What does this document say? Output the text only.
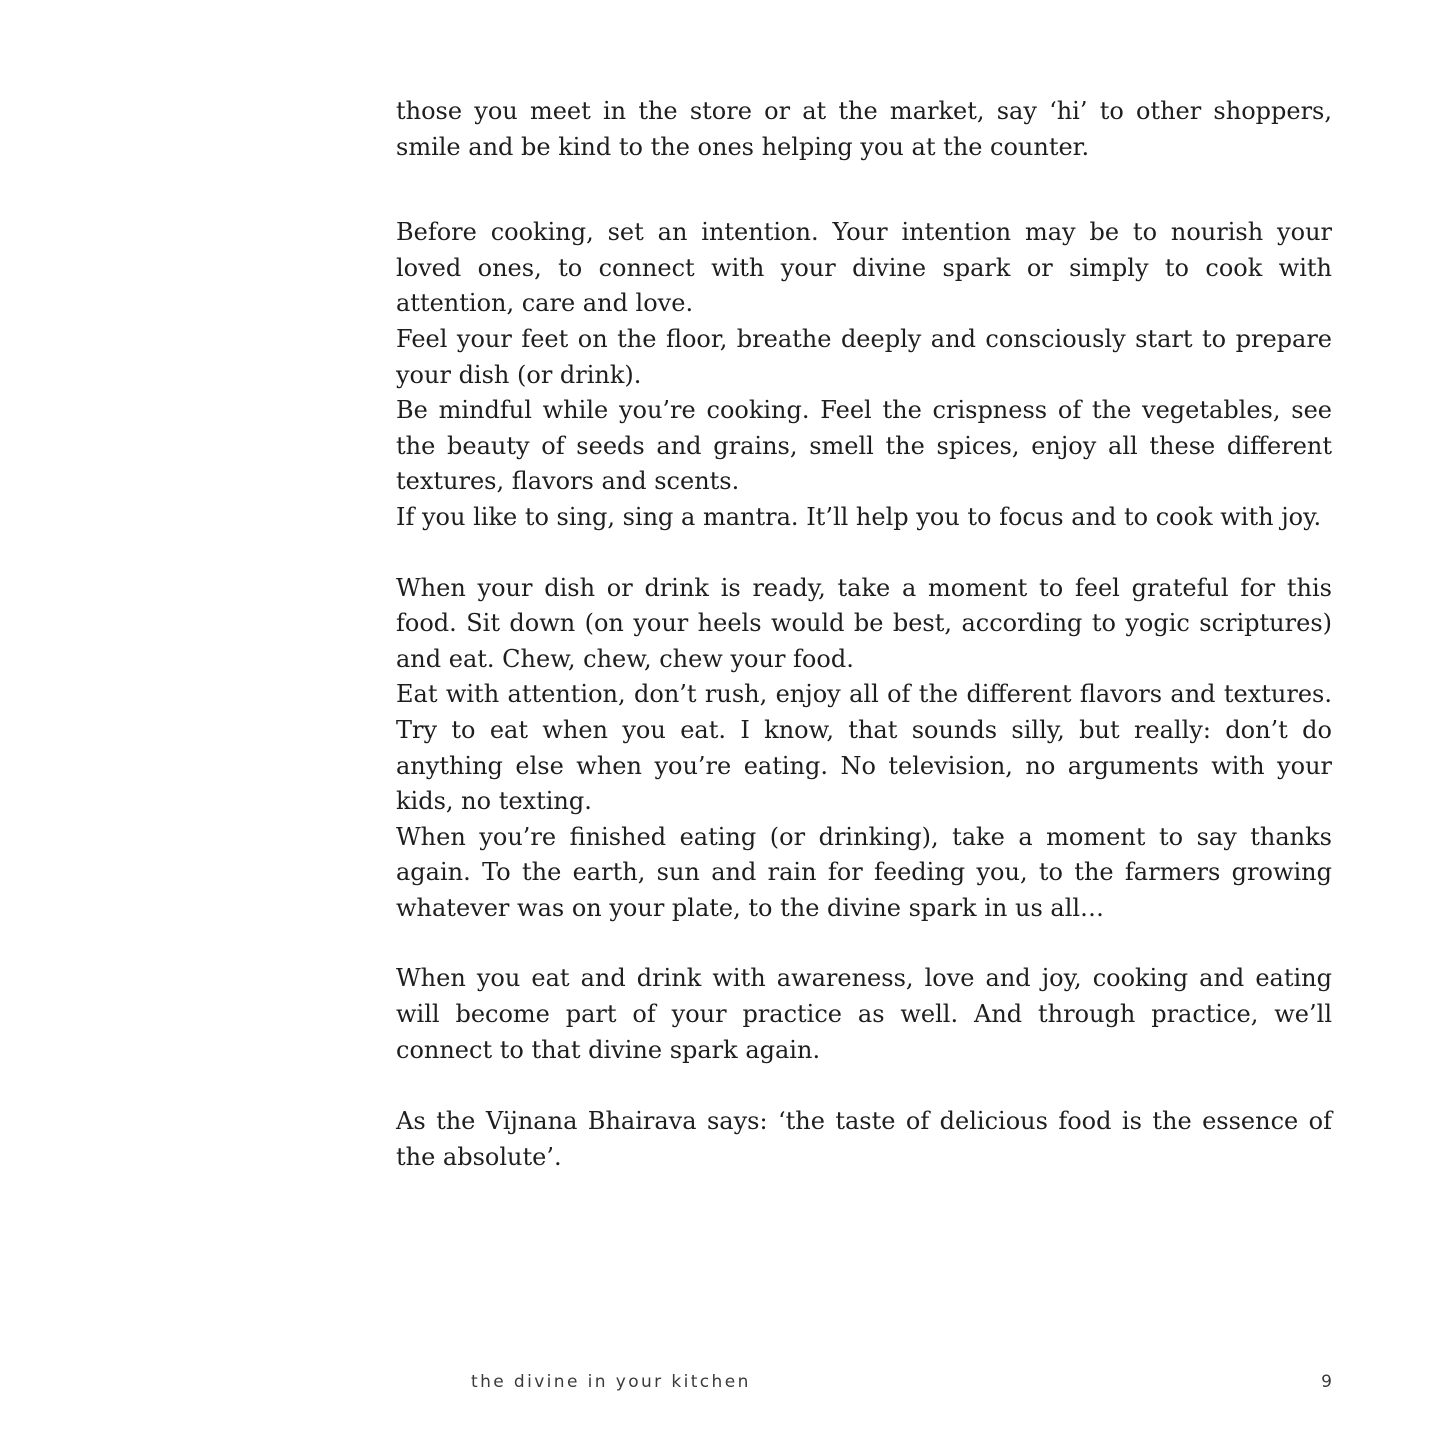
those you meet in the store or at the market, say ‘hi’ to other shoppers, smile and be kind to the ones helping you at the counter.

Before cooking, set an intention. Your intention may be to nourish your loved ones, to connect with your divine spark or simply to cook with attention, care and love.

Feel your feet on the floor, breathe deeply and consciously start to prepare your dish (or drink).

Be mindful while you’re cooking. Feel the crispness of the vegetables, see the beauty of seeds and grains, smell the spices, enjoy all these different textures, flavors and scents.

If you like to sing, sing a mantra. It’ll help you to focus and to cook with joy.

When your dish or drink is ready, take a moment to feel grateful for this food. Sit down (on your heels would be best, according to yogic scriptures) and eat. Chew, chew, chew your food.

Eat with attention, don’t rush, enjoy all of the different flavors and textures. Try to eat when you eat. I know, that sounds silly, but really: don’t do anything else when you’re eating. No television, no arguments with your kids, no texting.

When you’re finished eating (or drinking), take a moment to say thanks again. To the earth, sun and rain for feeding you, to the farmers growing whatever was on your plate, to the divine spark in us all…

When you eat and drink with awareness, love and joy, cooking and eating will become part of your practice as well. And through practice, we’ll connect to that divine spark again.

As the Vijnana Bhairava says: ‘the taste of delicious food is the essence of the absolute’.

the divine in your kitchen	9
